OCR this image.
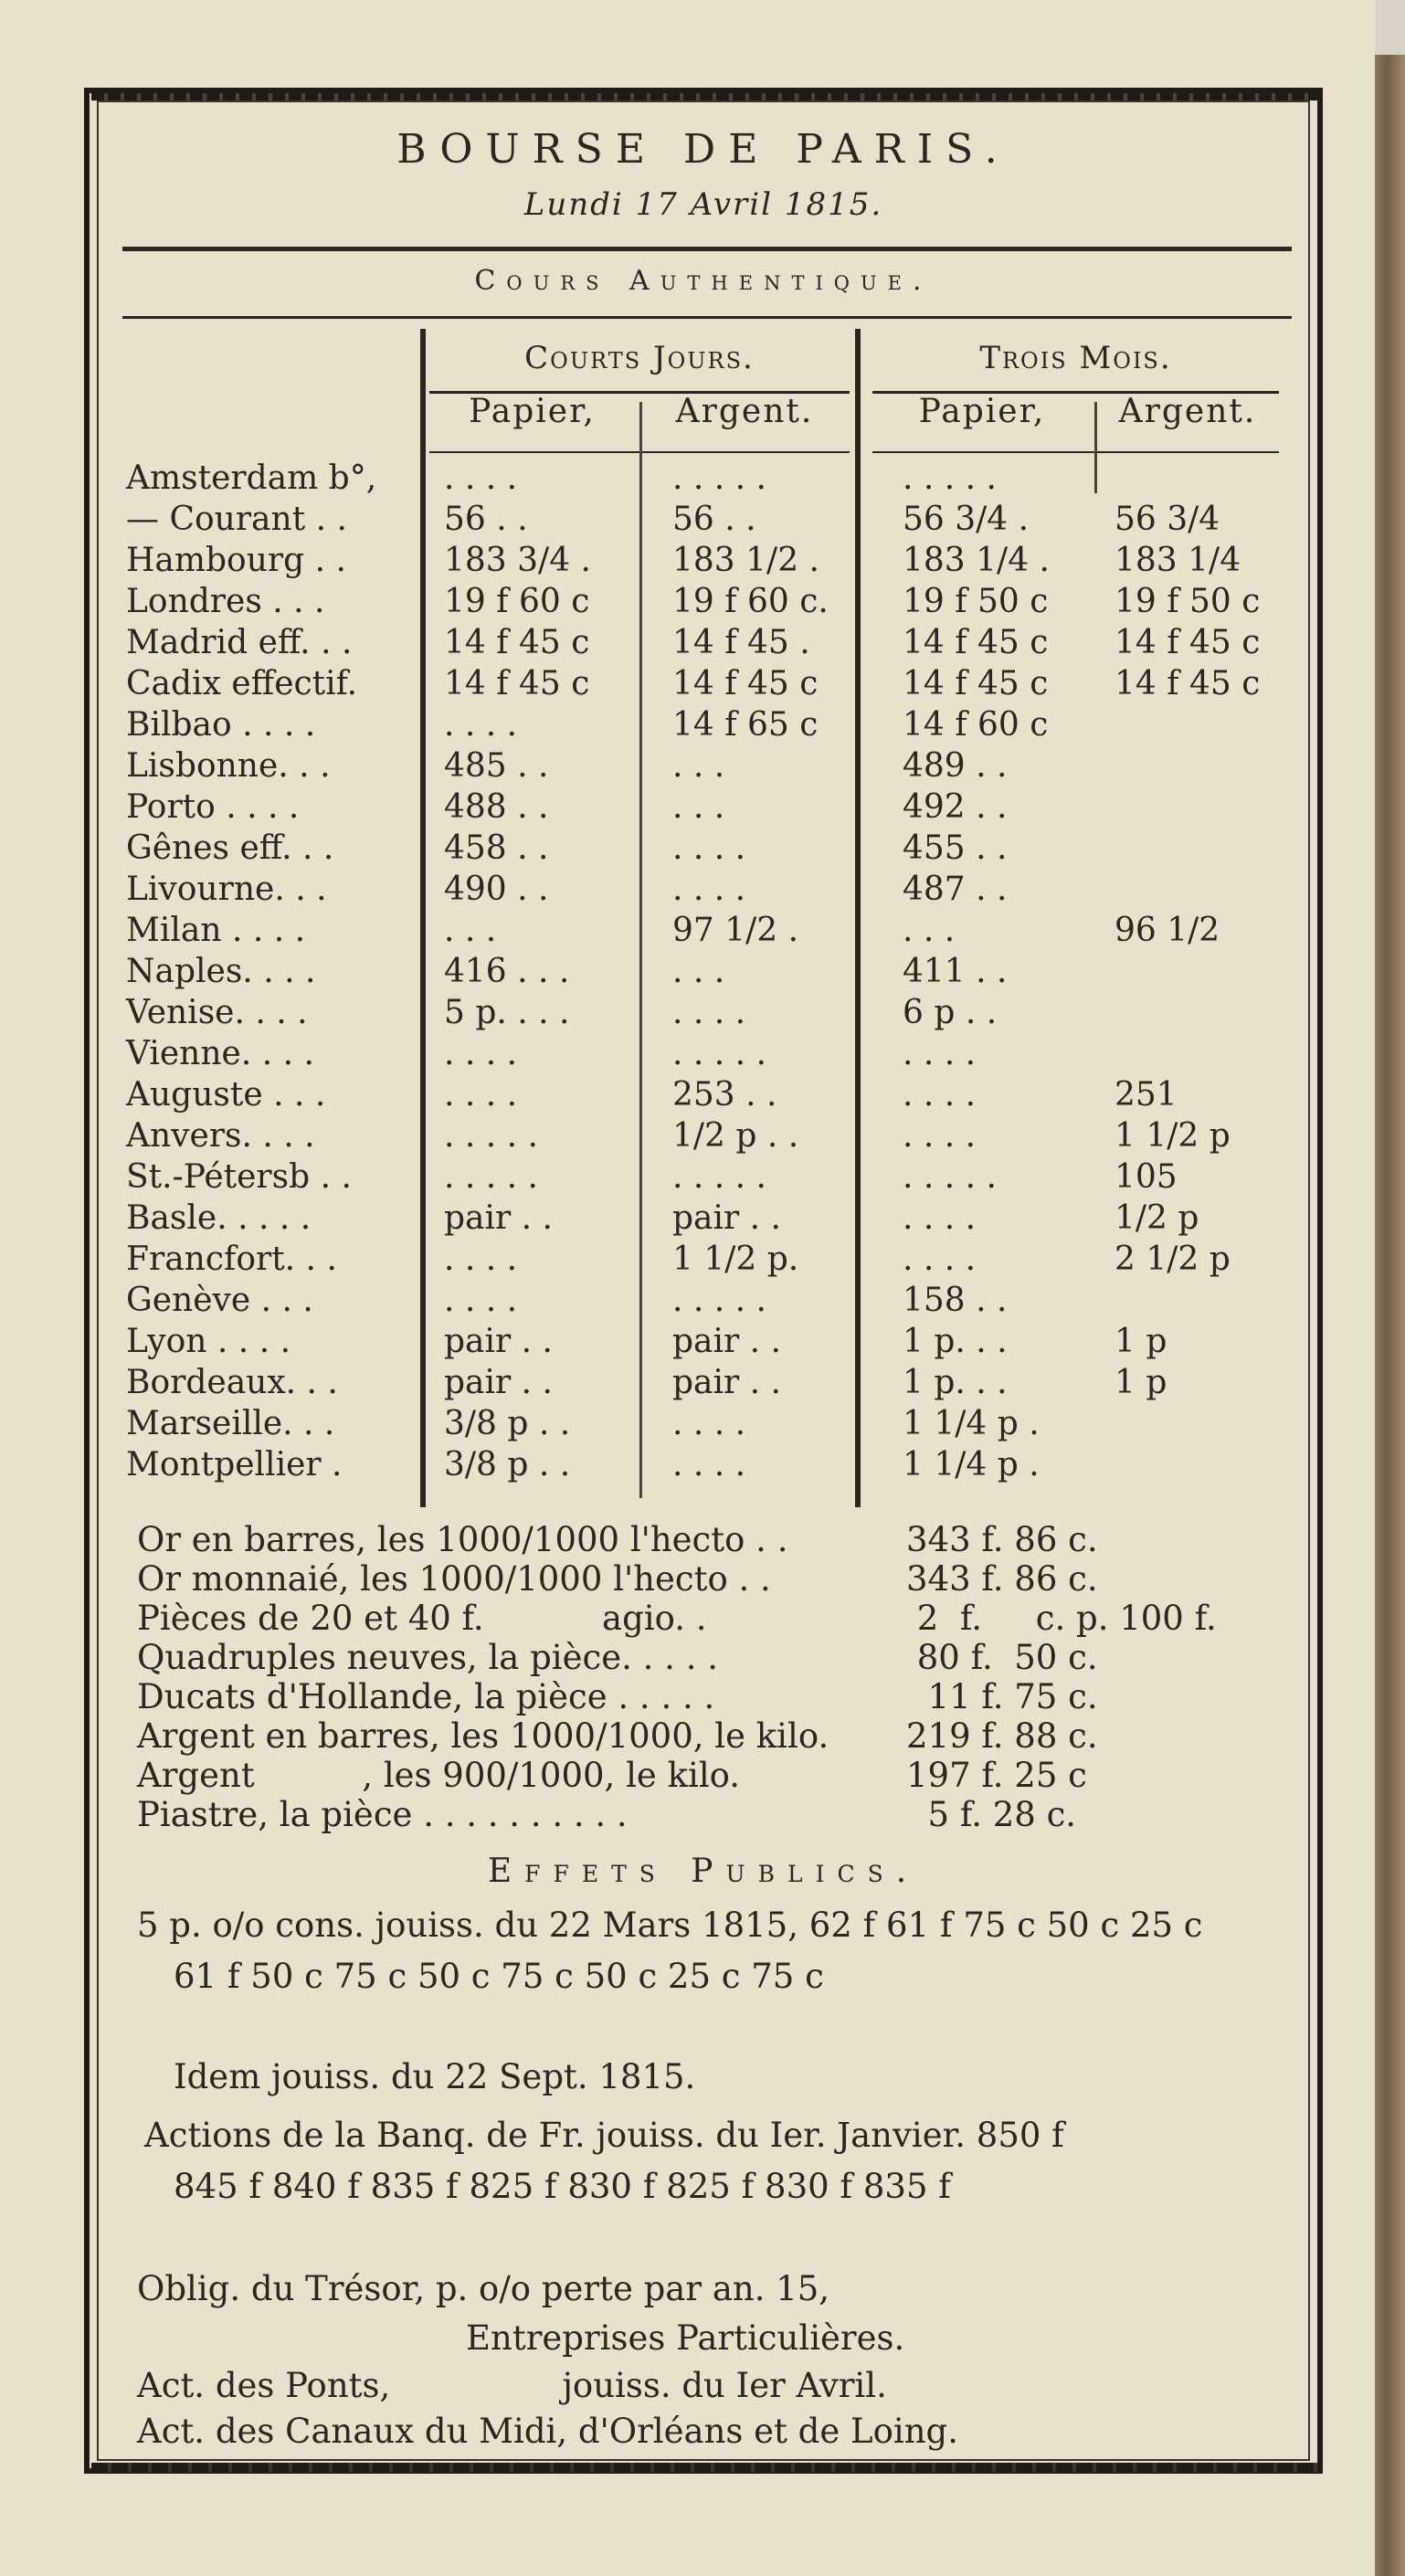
BOURSE DE PARIS.
Lundi 17 Avril 1815.
Cours Authentique.
Courts Jours.	Trois Mois.
Papier,	Argent.	Papier,	Argent.
Amsterdam b°,	. . . .	. . . . .	. . . . .
— Courant . .	56 . .	56 . .	56 3/4 .	56 3/4
Hambourg . .	183 3/4 . 183 1/2 .	183 1/4 . 183 1/4
Londres . . .	19 f 60 c	19 f 60 c. 19 f 50 c 19 f 50 c
Madrid eff. . .	14 f 45 c	14 f 45 .	14 f 45 c 14 f 45 c
Cadix effectif.	14 f 45 c	14 f 45 c	14 f 45 c 14 f 45 c
Bilbao . . . .	. . . .	14 f 65 c	14 f 60 c
Lisbonne. . .	485 . .	. . .	489 . .
Porto . . . .	488 . .	. . .	492 . .
Gênes eff. . .	458 . .	. . . .	455 . .
Livourne. . .	490 . .	. . . .	487 . .
Milan . . . .	. . .	97 1/2 .	. . .	96 1/2
Naples. . . .	416 . . .	. . .	411 . .
Venise. . . .	5 p. . . .	. . . .	6 p . .
Vienne. . . .	. . . .	. . . . .	. . . .
Auguste . . .	. . . .	253 . .	. . . .	251
Anvers. . . .	. . . . .	1/2 p . .	. . . .	1 1/2 p
St.-Pétersb . .	. . . . .	. . . . .	. . . . .	105
Basle. . . . .	pair . .	pair . .	. . . .	1/2 p
Francfort. . .	. . . .	1 1/2 p.	. . . .	2 1/2 p
Genève . . .	. . . .	. . . . .	158 . .
Lyon . . . .	pair . .	pair . .	1 p. . .	1 p
Bordeaux. . .	pair . .	pair . .	1 p. . .	1 p
Marseille. . .	3/8 p . .	. . . .	1 1/4 p .
Montpellier .	3/8 p . .	. . . .	1 1/4 p .
Or en barres, les 1000/1000 l'hecto . .	343 f. 86 c.
Or monnaié, les 1000/1000 l'hecto . .	343 f. 86 c.
Pièces de 20 et 40 f.           agio. .	2  f.     c. p. 100 f.
Quadruples neuves, la pièce. . . . .	80 f.  50 c.
Ducats d'Hollande, la pièce . . . . .	11 f. 75 c.
Argent en barres, les 1000/1000, le kilo. 219 f. 88 c.
Argent          , les 900/1000, le kilo.	197 f. 25 c
Piastre, la pièce . . . . . . . . . .	5 f. 28 c.
Effets Publics.
5 p. o/o cons. jouiss. du 22 Mars 1815, 62 f 61 f 75 c 50 c 25 c
61 f 50 c 75 c 50 c 75 c 50 c 25 c 75 c
Idem jouiss. du 22 Sept. 1815.
Actions de la Banq. de Fr. jouiss. du Ier. Janvier. 850 f
845 f 840 f 835 f 825 f 830 f 825 f 830 f 835 f
Oblig. du Trésor, p. o/o perte par an. 15,
Entreprises Particulières.
Act. des Ponts,                jouiss. du Ier Avril.
Act. des Canaux du Midi, d'Orléans et de Loing.
